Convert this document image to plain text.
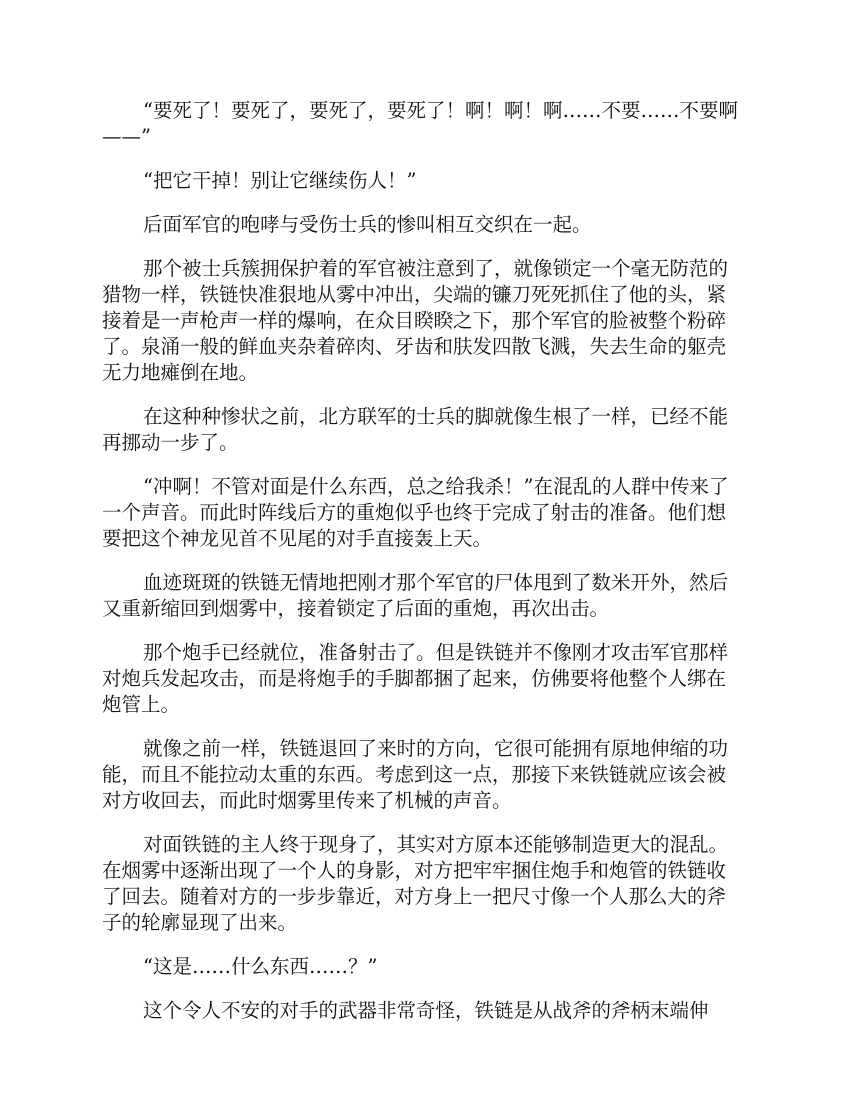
“要死了！要死了，要死了，要死了！啊！啊！啊……不要……不要啊——”

“把它干掉！别让它继续伤人！”

后面军官的咆哮与受伤士兵的惨叫相互交织在一起。

那个被士兵簇拥保护着的军官被注意到了，就像锁定一个毫无防范的猎物一样，铁链快准狠地从雾中冲出，尖端的镰刀死死抓住了他的头，紧接着是一声枪声一样的爆响，在众目睽睽之下，那个军官的脸被整个粉碎了。泉涌一般的鲜血夹杂着碎肉、牙齿和肤发四散飞溅，失去生命的躯壳无力地瘫倒在地。

在这种种惨状之前，北方联军的士兵的脚就像生根了一样，已经不能再挪动一步了。

“冲啊！不管对面是什么东西，总之给我杀！”在混乱的人群中传来了一个声音。而此时阵线后方的重炮似乎也终于完成了射击的准备。他们想要把这个神龙见首不见尾的对手直接轰上天。

血迹斑斑的铁链无情地把刚才那个军官的尸体甩到了数米开外，然后又重新缩回到烟雾中，接着锁定了后面的重炮，再次出击。

那个炮手已经就位，准备射击了。但是铁链并不像刚才攻击军官那样对炮兵发起攻击，而是将炮手的手脚都捆了起来，仿佛要将他整个人绑在炮管上。

就像之前一样，铁链退回了来时的方向，它很可能拥有原地伸缩的功能，而且不能拉动太重的东西。考虑到这一点，那接下来铁链就应该会被对方收回去，而此时烟雾里传来了机械的声音。

对面铁链的主人终于现身了，其实对方原本还能够制造更大的混乱。在烟雾中逐渐出现了一个人的身影，对方把牢牢捆住炮手和炮管的铁链收了回去。随着对方的一步步靠近，对方身上一把尺寸像一个人那么大的斧子的轮廓显现了出来。

“这是……什么东西……？”

这个令人不安的对手的武器非常奇怪，铁链是从战斧的斧柄末端伸
